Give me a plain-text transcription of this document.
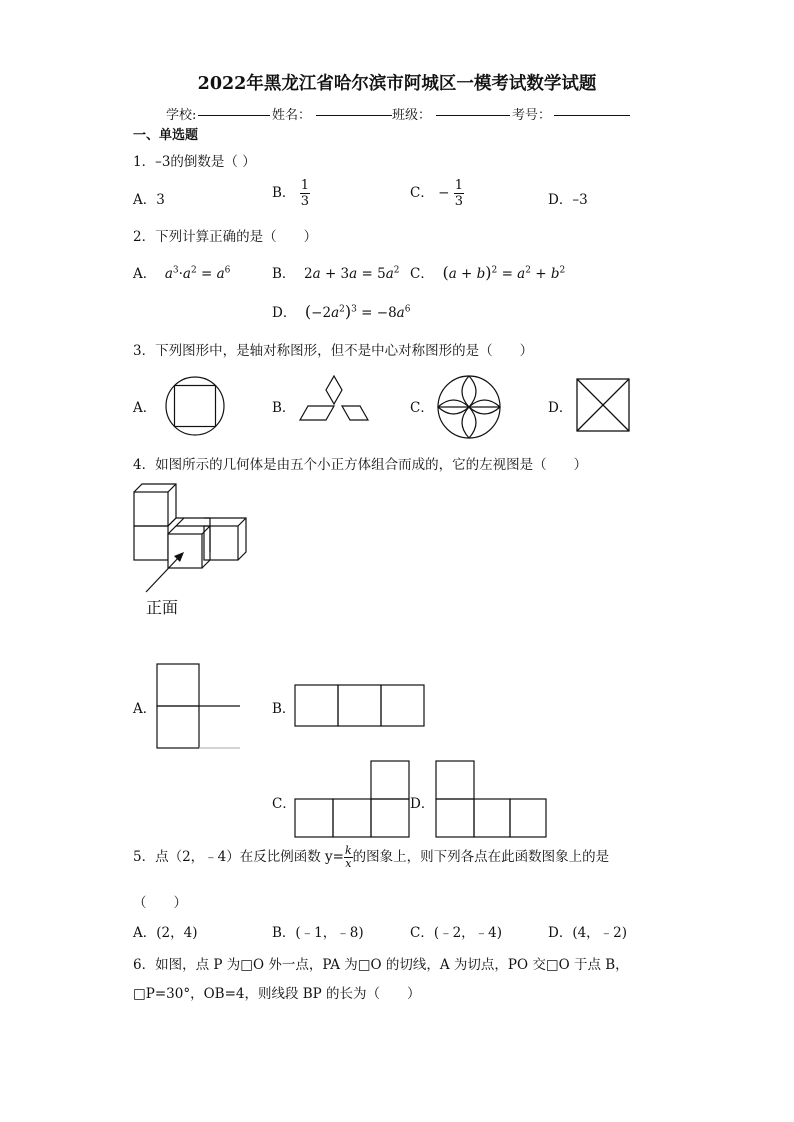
2022年黑龙江省哈尔滨市阿城区一模考试数学试题
学校:	姓名：	班级：	考号：
一、单选题
1．–3的倒数是（ ）
A．3	B． $\frac{1}{3}$	C． − $\frac{1}{3}$	D．–3
2．下列计算正确的是（　　）
A．  $a^3\cdot a^2 = a^6$	B． $2a + 3a = 5a^2$ C． $(a + b)^2 = a^2 + b^2$
D． $(-2a^2)^3 = -8a^6$
3．下列图形中，是轴对称图形，但不是中心对称图形的是（　　）
A．	B．	C．	D．
4．如图所示的几何体是由五个小正方体组合而成的，它的左视图是（　　）
正面
A．	B．
C．	D．
5．点（2，﹣4）在反比例函数 $y= \frac{k}{x}$ 的图象上，则下列各点在此函数图象上的是
（　　）
A．(2，4)	B．(﹣1，﹣8)	C．(﹣2，﹣4)	D．(4，﹣2)
6．如图，点 P 为□O 外一点，PA 为□O 的切线，A 为切点，PO 交□O 于点 B，
□P=30°，OB=4，则线段 BP 的长为（　　）
